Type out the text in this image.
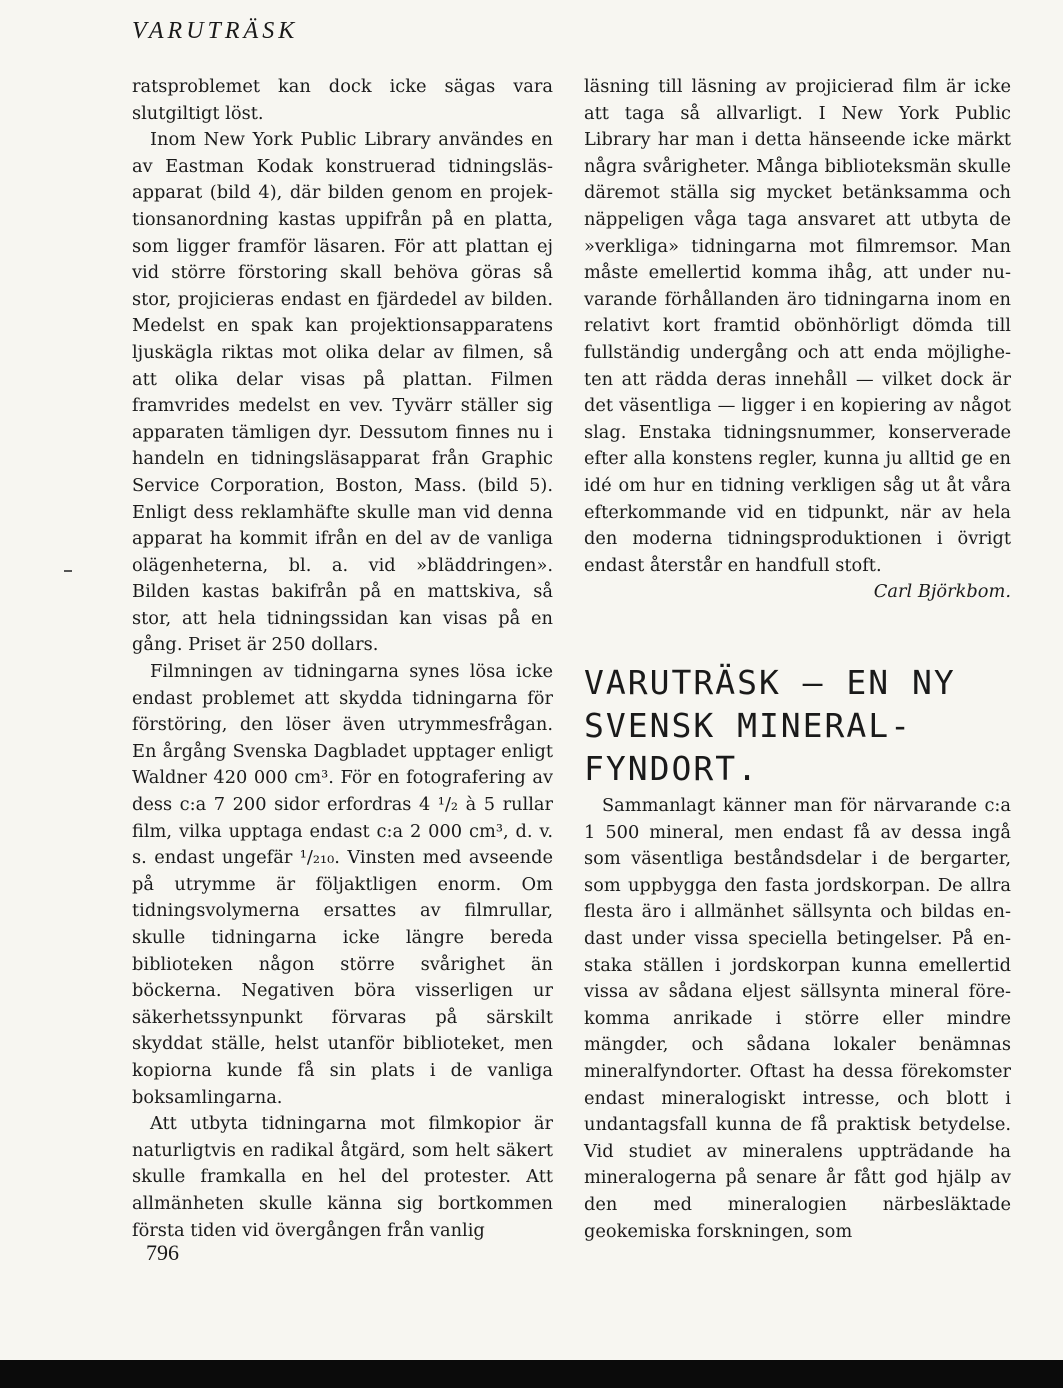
VARUTRÄSK

ratsproblemet kan dock icke sägas vara slutgiltigt löst.

Inom New York Public Library användes en av Eastman Kodak konstruerad tidningsläsapparat (bild 4), där bilden genom en projektionsanordning kastas uppifrån på en platta, som ligger framför läsaren. För att plattan ej vid större förstoring skall behöva göras så stor, projicieras endast en fjärdedel av bilden. Medelst en spak kan projektionsapparatens ljuskägla riktas mot olika delar av filmen, så att olika delar visas på plattan. Filmen framvrides medelst en vev. Tyvärr ställer sig apparaten tämligen dyr. Dessutom finnes nu i handeln en tidningsläsapparat från Graphic Service Corporation, Boston, Mass. (bild 5). Enligt dess reklamhäfte skulle man vid denna apparat ha kommit ifrån en del av de vanliga olägenheterna, bl. a. vid »bläddringen». Bilden kastas bakifrån på en mattskiva, så stor, att hela tidningssidan kan visas på en gång. Priset är 250 dollars.

Filmningen av tidningarna synes lösa icke endast problemet att skydda tidningarna för förstöring, den löser även utrymmesfrågan. En årgång Svenska Dagbladet upptager enligt Waldner 420 000 cm³. För en fotografering av dess c:a 7 200 sidor erfordras 4 ¹/₂ à 5 rullar film, vilka upptaga endast c:a 2 000 cm³, d. v. s. endast ungefär ¹/₂₁₀. Vinsten med avseende på utrymme är följaktligen enorm. Om tidningsvolymerna ersattes av filmrullar, skulle tidningarna icke längre bereda biblioteken någon större svårighet än böckerna. Negativen böra visserligen ur säkerhetssynpunkt förvaras på särskilt skyddat ställe, helst utanför biblioteket, men kopiorna kunde få sin plats i de vanliga boksamlingarna.

Att utbyta tidningarna mot filmkopior är naturligtvis en radikal åtgärd, som helt säkert skulle framkalla en hel del protester. Att allmänheten skulle känna sig bortkommen första tiden vid övergången från vanlig

läsning till läsning av projicierad film är icke att taga så allvarligt. I New York Public Library har man i detta hänseende icke märkt några svårigheter. Många biblioteksmän skulle däremot ställa sig mycket betänksamma och näppeligen våga taga ansvaret att utbyta de »verkliga» tidningarna mot filmremsor. Man måste emellertid komma ihåg, att under nuvarande förhållanden äro tidningarna inom en relativt kort framtid obönhörligt dömda till fullständig undergång och att enda möjligheten att rädda deras innehåll — vilket dock är det väsentliga — ligger i en kopiering av något slag. Enstaka tidningsnummer, konserverade efter alla konstens regler, kunna ju alltid ge en idé om hur en tidning verkligen såg ut åt våra efterkommande vid en tidpunkt, när av hela den moderna tidningsproduktionen i övrigt endast återstår en handfull stoft.

Carl Björkbom.

VARUTRÄSK – EN NY
SVENSK MINERAL-
FYNDORT.

Sammanlagt känner man för närvarande c:a 1 500 mineral, men endast få av dessa ingå som väsentliga beståndsdelar i de bergarter, som uppbygga den fasta jordskorpan. De allra flesta äro i allmänhet sällsynta och bildas endast under vissa speciella betingelser. På enstaka ställen i jordskorpan kunna emellertid vissa av sådana eljest sällsynta mineral förekomma anrikade i större eller mindre mängder, och sådana lokaler benämnas mineralfyndorter. Oftast ha dessa förekomster endast mineralogiskt intresse, och blott i undantagsfall kunna de få praktisk betydelse. Vid studiet av mineralens uppträdande ha mineralogerna på senare år fått god hjälp av den med mineralogien närbesläktade geokemiska forskningen, som

796
